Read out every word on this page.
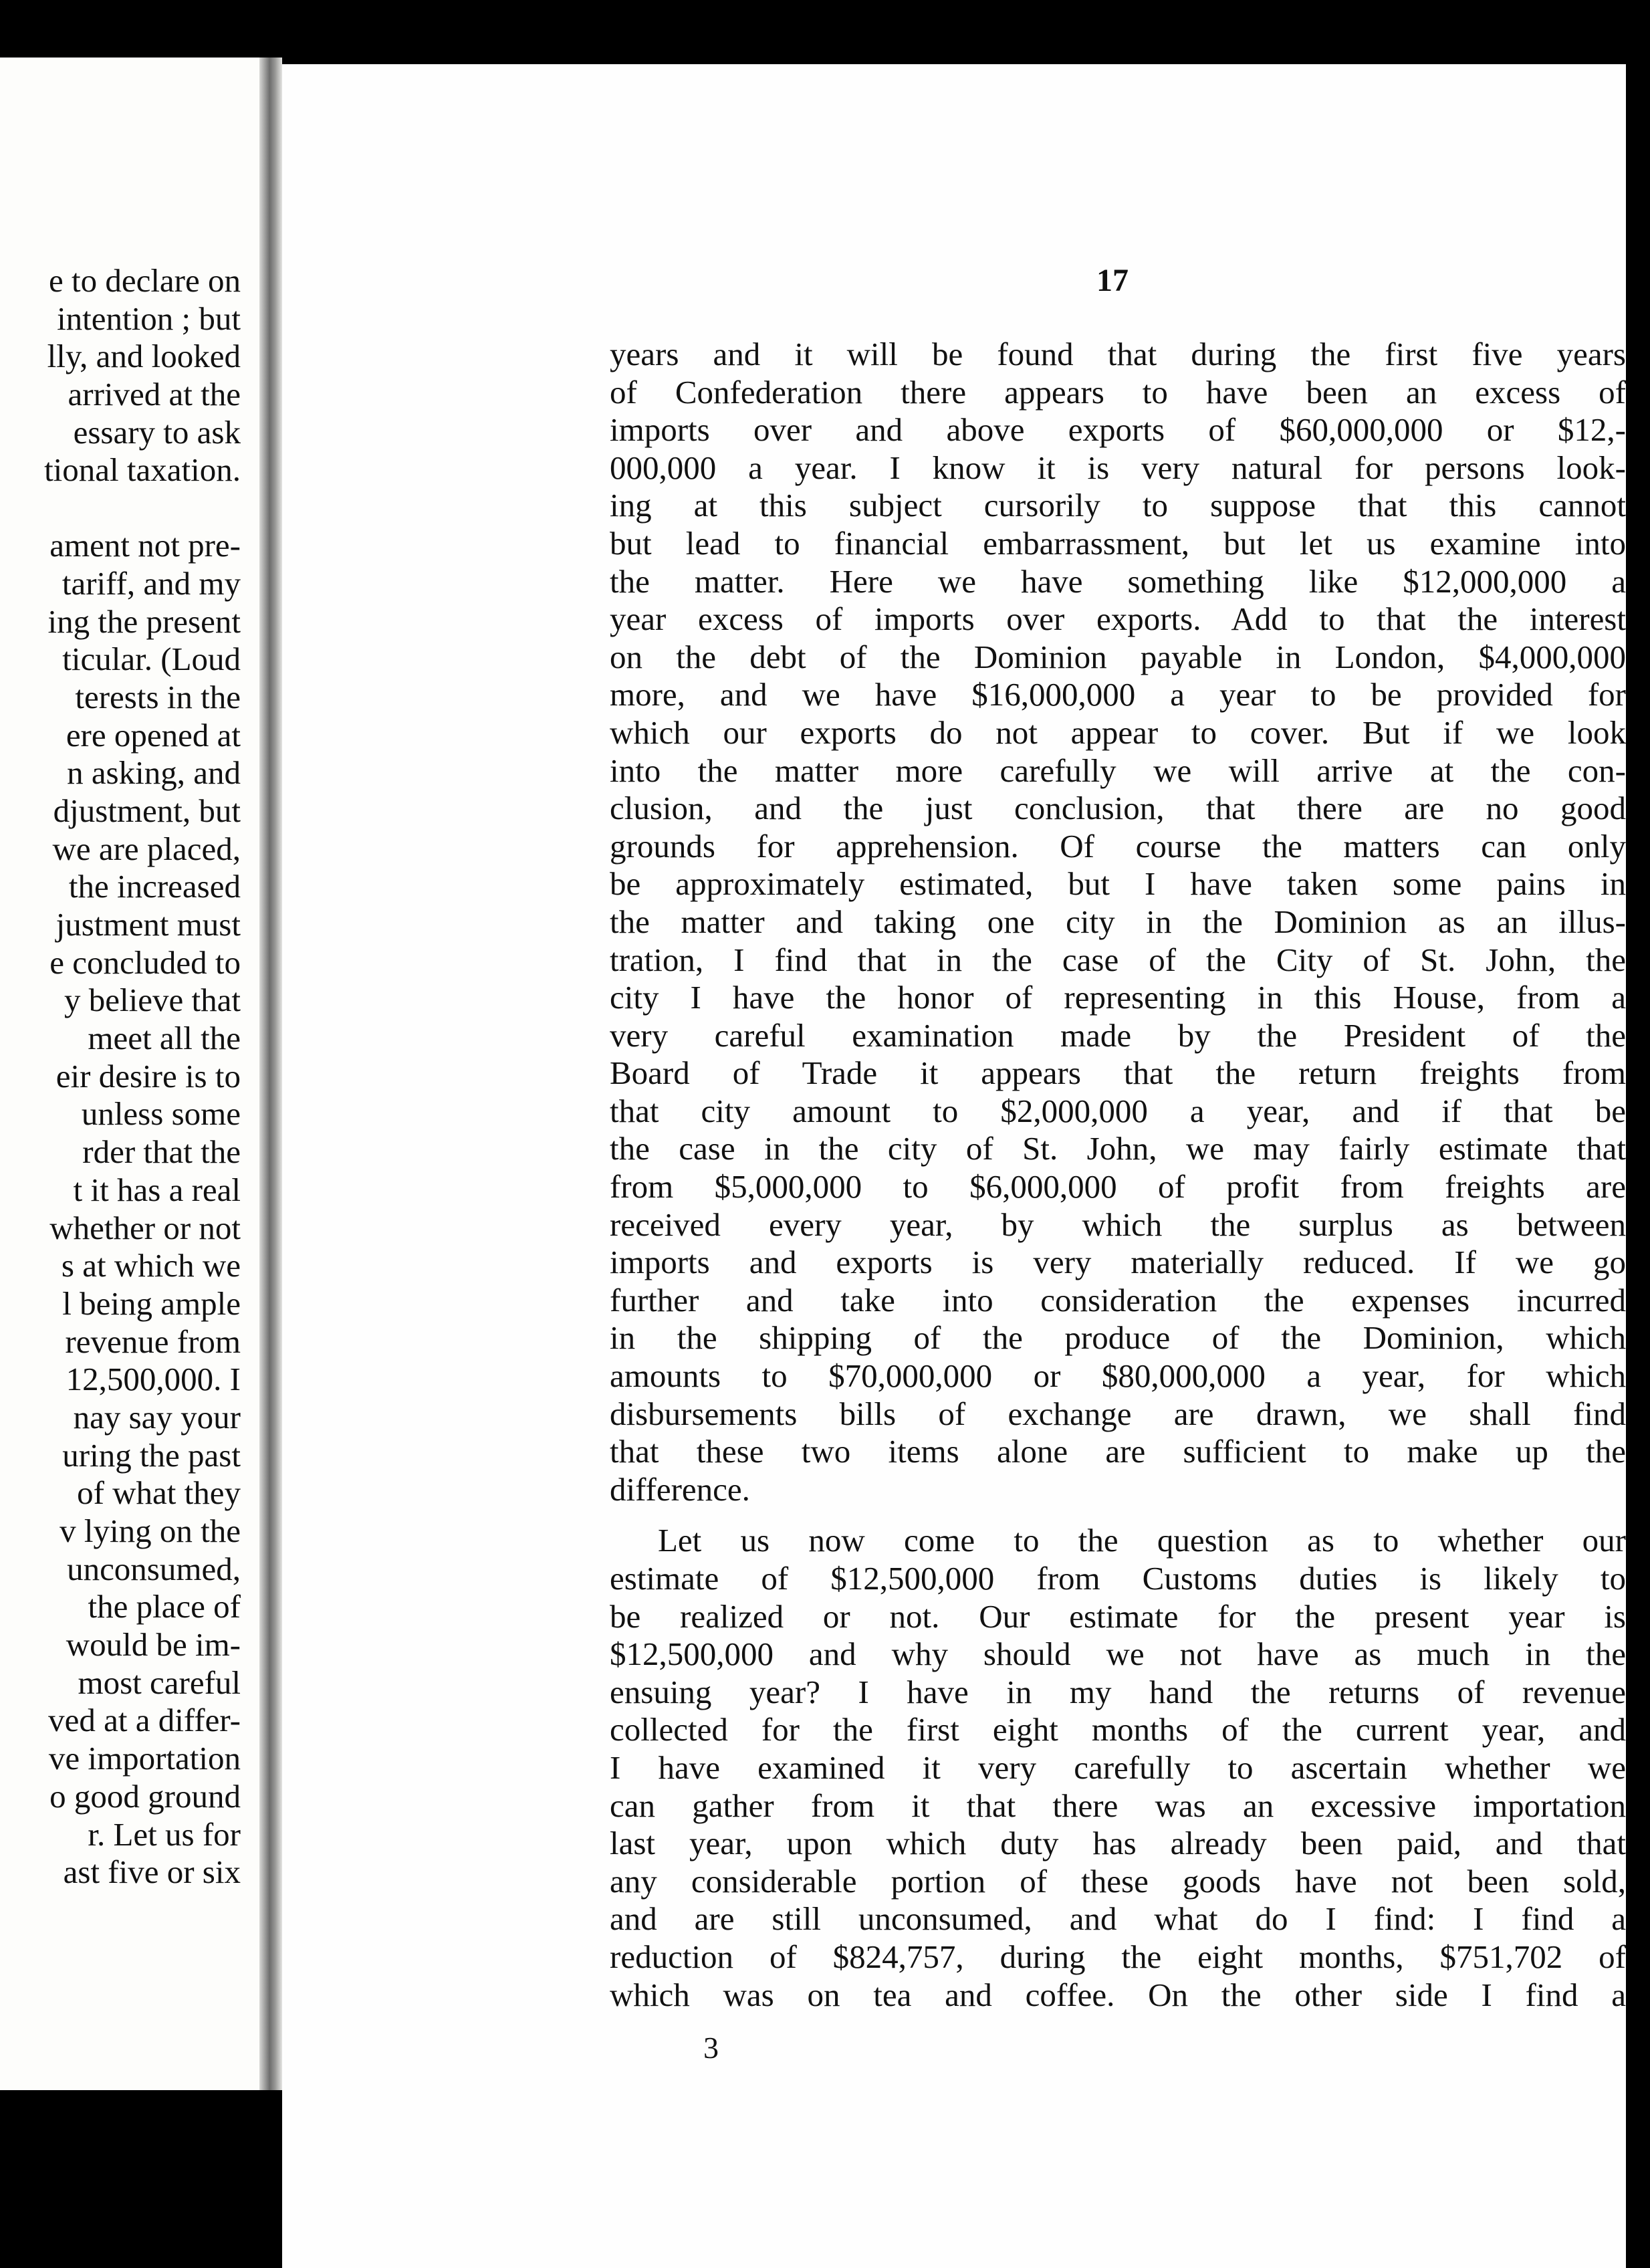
e to declare on
intention ; but
lly, and looked
arrived at the
essary to ask
tional taxation.
ament not pre-
tariff, and my
ing the present
ticular. (Loud
terests in the
ere opened at
n asking, and
djustment, but
we are placed,
the increased
justment must
e concluded to
y believe that
meet all the
eir desire is to
unless some
rder that the
t it has a real
whether or not
s at which we
l being ample
revenue from
12,500,000. I
nay say your
uring the past
of what they
v lying on the
unconsumed,
the place of
would be im-
most careful
ved at a differ-
ve importation
o good ground
r. Let us for
ast five or six
17
years and it will be found that during the first five years
of Confederation there appears to have been an excess of
imports over and above exports of $60,000,000 or $12,-
000,000 a year. I know it is very natural for persons look-
ing at this subject cursorily to suppose that this cannot
but lead to financial embarrassment, but let us examine into
the matter. Here we have something like $12,000,000 a
year excess of imports over exports. Add to that the interest
on the debt of the Dominion payable in London, $4,000,000
more, and we have $16,000,000 a year to be provided for
which our exports do not appear to cover. But if we look
into the matter more carefully we will arrive at the con-
clusion, and the just conclusion, that there are no good
grounds for apprehension. Of course the matters can only
be approximately estimated, but I have taken some pains in
the matter and taking one city in the Dominion as an illus-
tration, I find that in the case of the City of St. John, the
city I have the honor of representing in this House, from a
very careful examination made by the President of the
Board of Trade it appears that the return freights from
that city amount to $2,000,000 a year, and if that be
the case in the city of St. John, we may fairly estimate that
from $5,000,000 to $6,000,000 of profit from freights are
received every year, by which the surplus as between
imports and exports is very materially reduced. If we go
further and take into consideration the expenses incurred
in the shipping of the produce of the Dominion, which
amounts to $70,000,000 or $80,000,000 a year, for which
disbursements bills of exchange are drawn, we shall find
that these two items alone are sufficient to make up the
difference.
Let us now come to the question as to whether our
estimate of $12,500,000 from Customs duties is likely to
be realized or not. Our estimate for the present year is
$12,500,000 and why should we not have as much in the
ensuing year? I have in my hand the returns of revenue
collected for the first eight months of the current year, and
I have examined it very carefully to ascertain whether we
can gather from it that there was an excessive importation
last year, upon which duty has already been paid, and that
any considerable portion of these goods have not been sold,
and are still unconsumed, and what do I find: I find a
reduction of $824,757, during the eight months, $751,702 of
which was on tea and coffee. On the other side I find a
3
